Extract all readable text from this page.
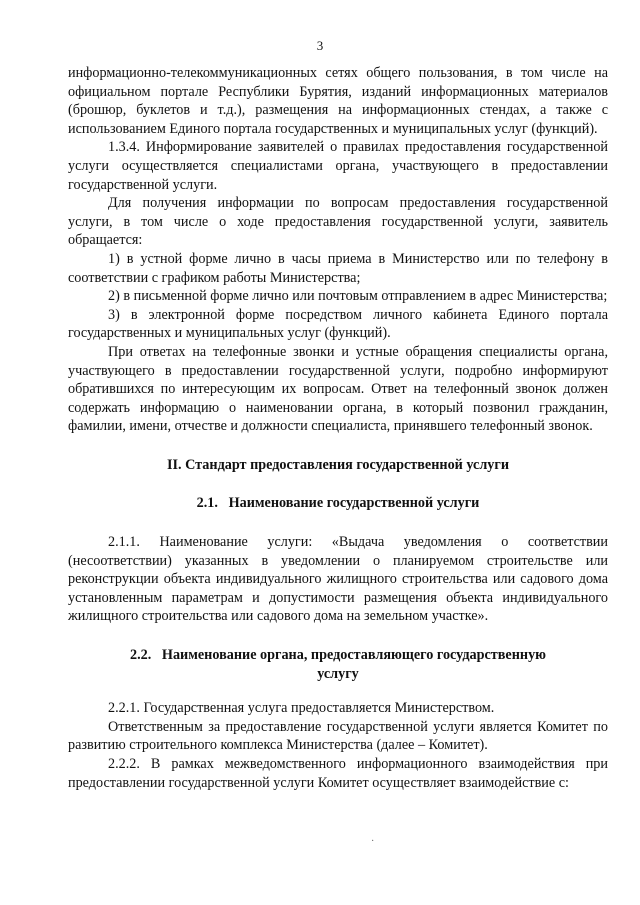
3

информационно-телекоммуникационных сетях общего пользования, в том числе на официальном портале Республики Бурятия, изданий информационных материалов (брошюр, буклетов и т.д.), размещения на информационных стендах, а также с использованием Единого портала государственных и муниципальных услуг (функций).

1.3.4. Информирование заявителей о правилах предоставления государственной услуги осуществляется специалистами органа, участвующего в предоставлении государственной услуги.

Для получения информации по вопросам предоставления государственной услуги, в том числе о ходе предоставления государственной услуги, заявитель обращается:

1) в устной форме лично в часы приема в Министерство или по телефону в соответствии с графиком работы Министерства;

2) в письменной форме лично или почтовым отправлением в адрес Министерства;

3) в электронной форме посредством личного кабинета Единого портала государственных и муниципальных услуг (функций).

При ответах на телефонные звонки и устные обращения специалисты органа, участвующего в предоставлении государственной услуги, подробно информируют обратившихся по интересующим их вопросам. Ответ на телефонный звонок должен содержать информацию о наименовании органа, в который позвонил гражданин, фамилии, имени, отчестве и должности специалиста, принявшего телефонный звонок.

II. Стандарт предоставления государственной услуги

2.1.   Наименование государственной услуги

2.1.1. Наименование услуги: «Выдача уведомления о соответствии (несоответствии) указанных в уведомлении о планируемом строительстве или реконструкции объекта индивидуального жилищного строительства или садового дома установленным параметрам и допустимости размещения объекта индивидуального жилищного строительства или садового дома на земельном участке».

2.2.   Наименование органа, предоставляющего государственную

услугу

2.2.1. Государственная услуга предоставляется Министерством.

Ответственным за предоставление государственной услуги является Комитет по развитию строительного комплекса Министерства (далее – Комитет).

2.2.2. В рамках межведомственного информационного взаимодействия при предоставлении государственной услуги Комитет осуществляет взаимодействие с:

·
